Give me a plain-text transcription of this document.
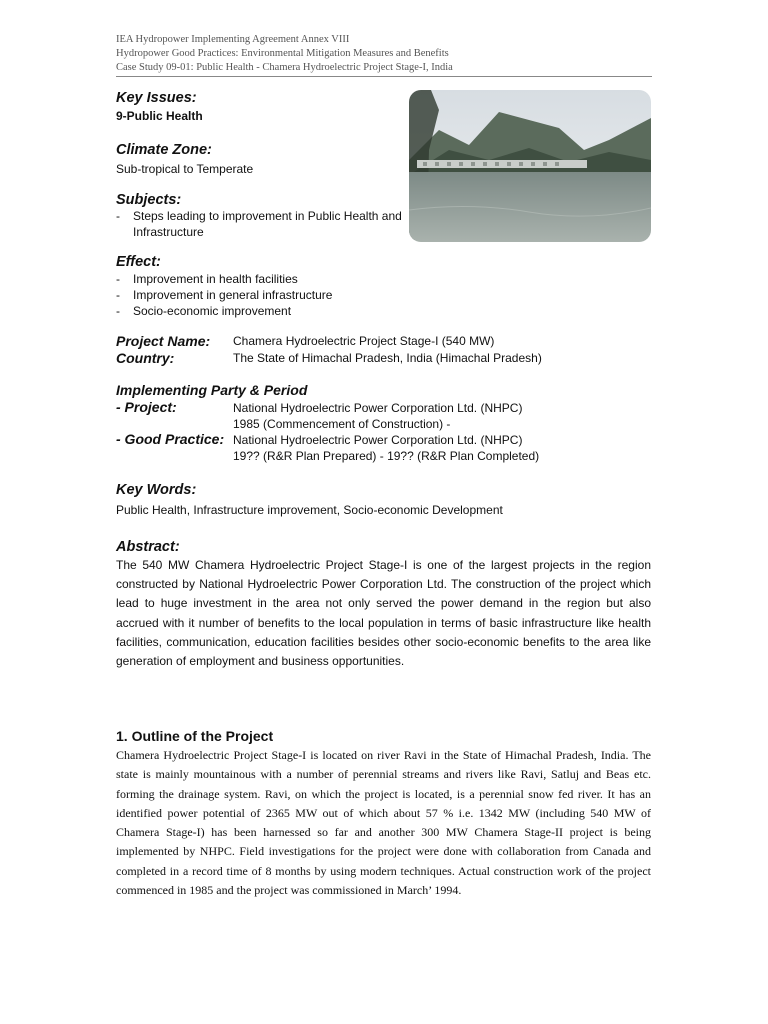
IEA Hydropower Implementing Agreement Annex VIII
Hydropower Good Practices: Environmental Mitigation Measures and Benefits
Case Study 09-01: Public Health - Chamera Hydroelectric Project Stage-I, India
Key Issues:
9-Public Health
Climate Zone:
Sub-tropical to Temperate
Subjects:
- Steps leading to improvement in Public Health and Infrastructure
Effect:
- Improvement in health facilities
- Improvement in general infrastructure
- Socio-economic improvement
Project Name: Chamera Hydroelectric Project Stage-I (540 MW)
Country:	The State of Himachal Pradesh, India (Himachal Pradesh)
Implementing Party & Period
- Project:	National Hydroelectric Power Corporation Ltd. (NHPC)
1985 (Commencement of Construction) -
- Good Practice: National Hydroelectric Power Corporation Ltd. (NHPC)
19?? (R&R Plan Prepared) - 19?? (R&R Plan Completed)
Key Words:
Public Health, Infrastructure improvement, Socio-economic Development
Abstract:

The 540 MW Chamera Hydroelectric Project Stage-I is one of the largest projects in the region constructed by National Hydroelectric Power Corporation Ltd. The construction of the project which lead to huge investment in the area not only served the power demand in the region but also accrued with it number of benefits to the local population in terms of basic infrastructure like health facilities, communication, education facilities besides other socio-economic benefits to the area like generation of employment and business opportunities.

1. Outline of the Project

Chamera Hydroelectric Project Stage-I is located on river Ravi in the State of Himachal Pradesh, India. The state is mainly mountainous with a number of perennial streams and rivers like Ravi, Satluj and Beas etc. forming the drainage system. Ravi, on which the project is located, is a perennial snow fed river. It has an identified power potential of 2365 MW out of which about 57 % i.e. 1342 MW (including 540 MW of Chamera Stage-I) has been harnessed so far and another 300 MW Chamera Stage-II project is being implemented by NHPC. Field investigations for the project were done with collaboration from Canada and completed in a record time of 8 months by using modern techniques. Actual construction work of the project commenced in 1985 and the project was commissioned in March’ 1994.
